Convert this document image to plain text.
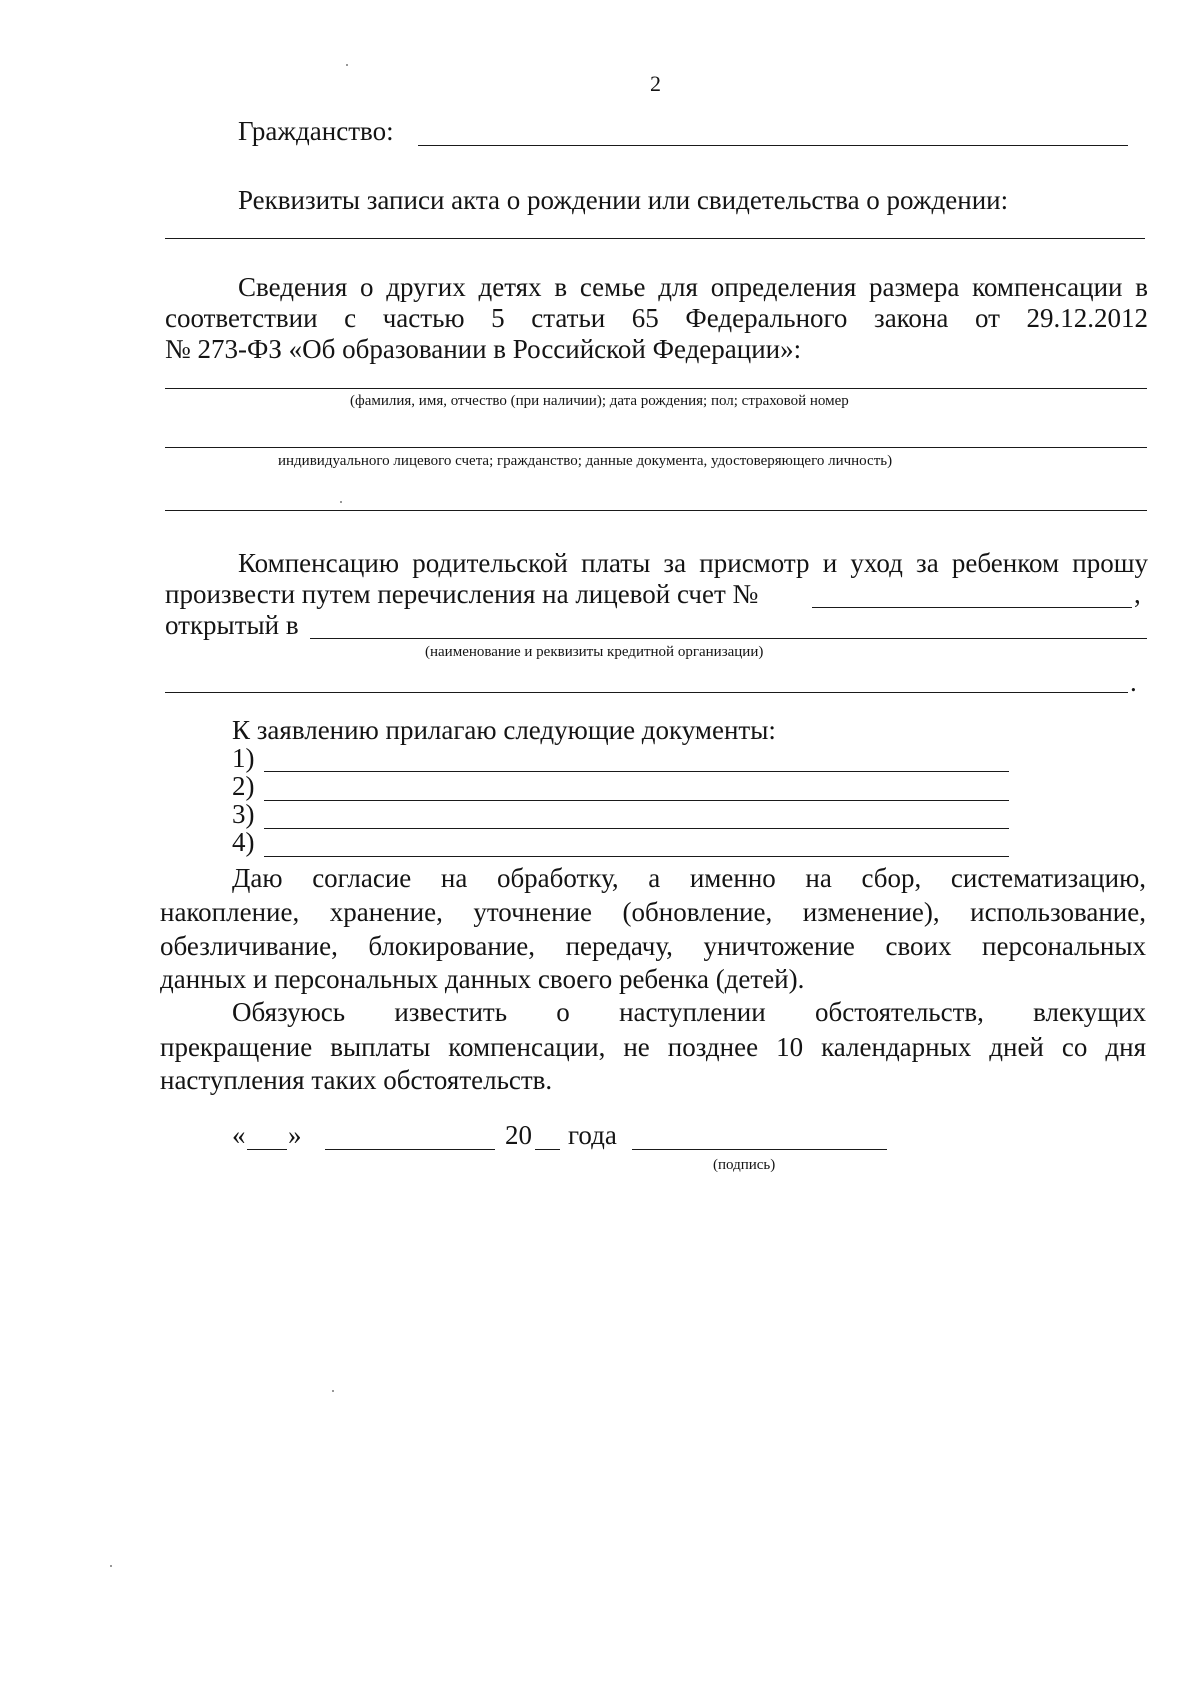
2
Гражданство:
Реквизиты записи акта о рождении или свидетельства о рождении:
Сведения о других детях в семье для определения размера компенсации в
соответствии с частью 5 статьи 65 Федерального закона от 29.12.2012
№ 273-ФЗ «Об образовании в Российской Федерации»:
(фамилия, имя, отчество (при наличии); дата рождения; пол; страховой номер
индивидуального лицевого счета; гражданство; данные документа, удостоверяющего личность)
Компенсацию родительской платы за присмотр и уход за ребенком прошу
произвести путем перечисления на лицевой счет №	,
открытый в
(наименование и реквизиты кредитной организации)
.
К заявлению прилагаю следующие документы:
1)
2)
3)
4)
Даю согласие на обработку, а именно на сбор, систематизацию,
накопление, хранение, уточнение (обновление, изменение), использование,
обезличивание, блокирование, передачу, уничтожение своих персональных
данных и персональных данных своего ребенка (детей).
Обязуюсь известить о наступлении обстоятельств, влекущих
прекращение выплаты компенсации, не позднее 10 календарных дней со дня
наступления таких обстоятельств.
« »	20 года
(подпись)
